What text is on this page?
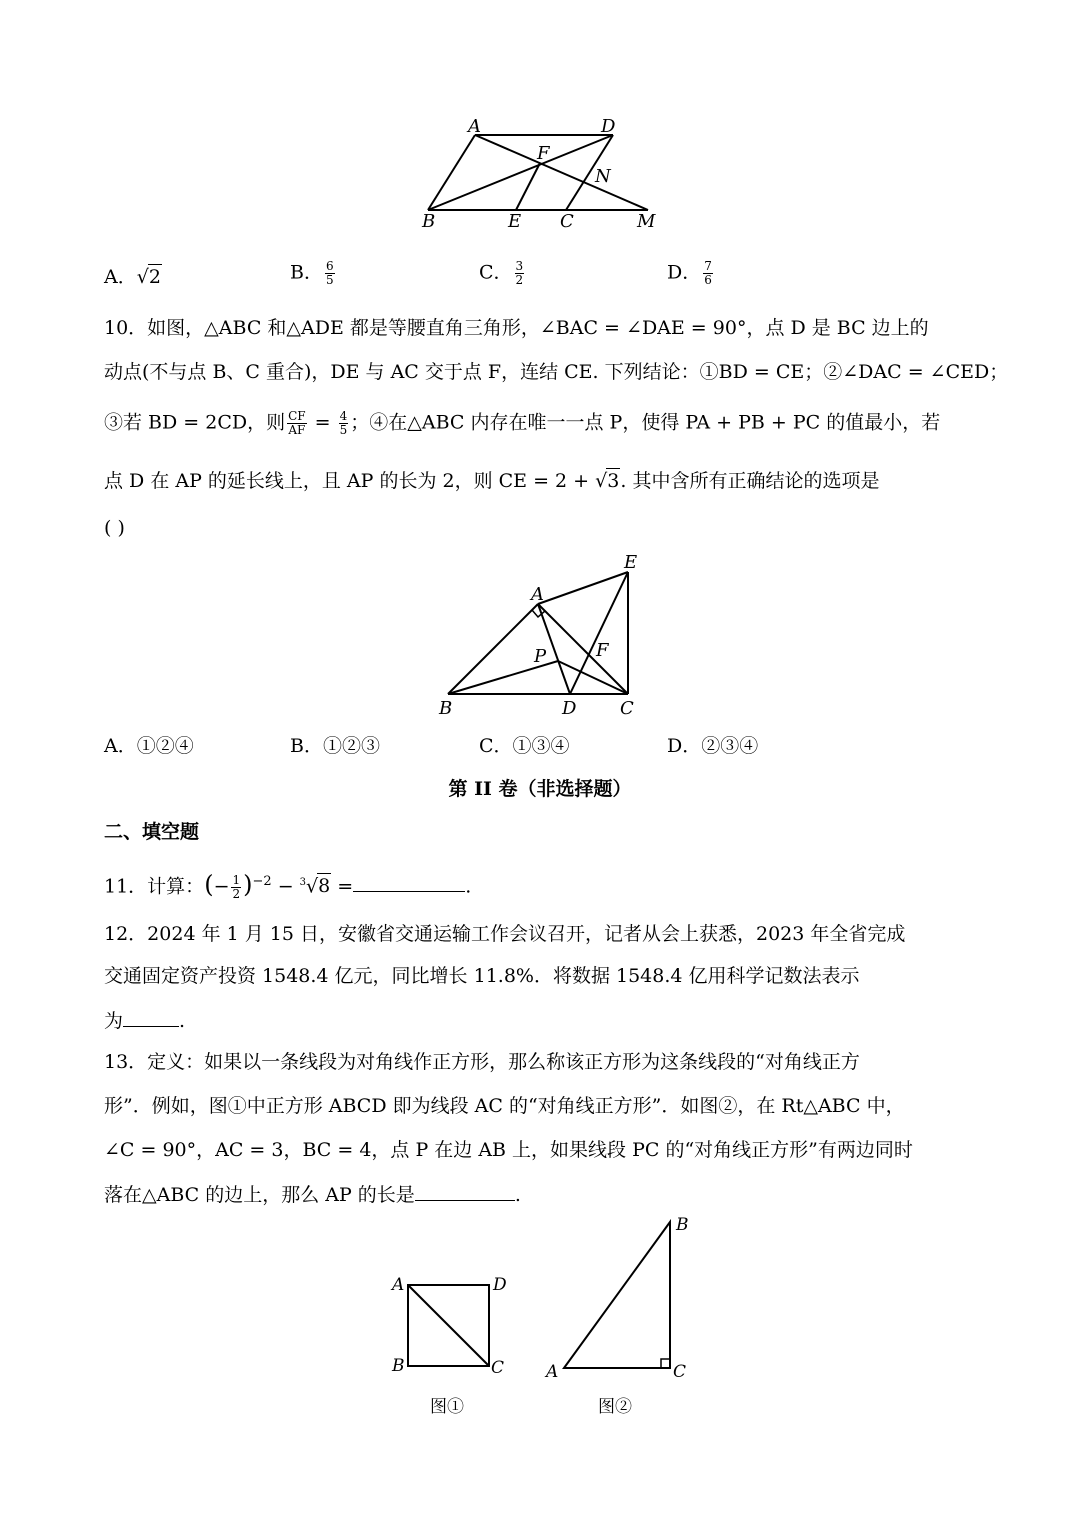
A	D
F
N
B	E C	M
A．√2	B． $\frac{6}{5}$	C． $\frac{3}{2}$	D． $\frac{7}{6}$
10．如图，△ABC 和△ADE 都是等腰直角三角形，∠BAC = ∠DAE = 90°，点 D 是 BC 边上的
动点(不与点 B、C 重合)，DE 与 AC 交于点 F，连结 CE. 下列结论：①BD = CE；②∠DAC = ∠CED；
③若 BD = 2CD，则 $\frac{CF}{AF} = \frac{4}{5}$ ；④在△ABC 内存在唯一一点 P，使得 PA + PB + PC 的值最小，若
点 D 在 AP 的延长线上，且 AP 的长为 2，则 CE = 2 + √3. 其中含所有正确结论的选项是
( )
E
A
P	F
B	D C
A．①②④	B．①②③	C．①③④	D．②③④
第 II 卷（非选择题）
二、填空题
11．计算：(− $\frac{1}{2} )^{-2} - ^3√8$ =	.
12．2024 年 1 月 15 日，安徽省交通运输工作会议召开，记者从会上获悉，2023 年全省完成
交通固定资产投资 1548.4 亿元，同比增长 11.8%．将数据 1548.4 亿用科学记数法表示
为	.
13．定义：如果以一条线段为对角线作正方形，那么称该正方形为这条线段的“对角线正方
形”．例如，图①中正方形 ABCD 即为线段 AC 的“对角线正方形”．如图②，在 Rt△ABC 中，
∠C = 90°，AC = 3，BC = 4，点 P 在边 AB 上，如果线段 PC 的“对角线正方形”有两边同时
落在△ABC 的边上，那么 AP 的长是	.
A	D
B	C
B
A	C
图①	图②
